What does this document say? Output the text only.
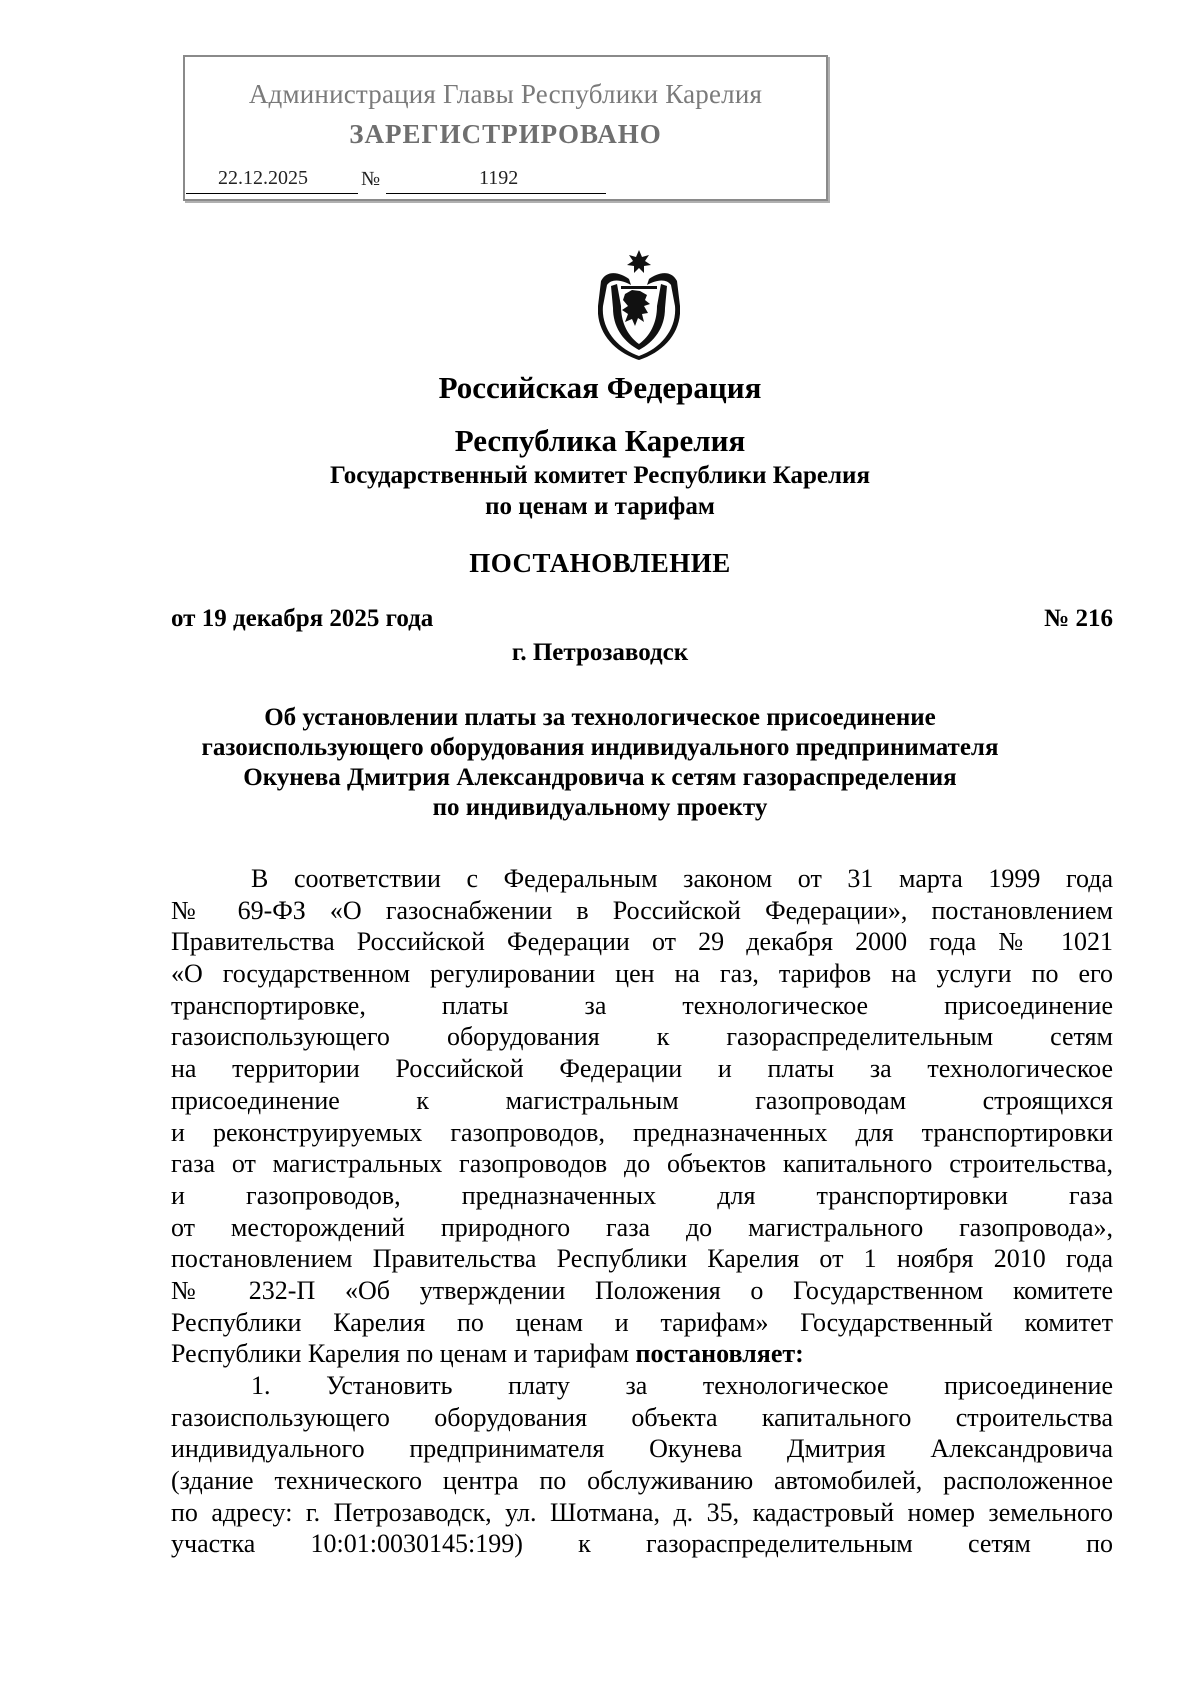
Администрация Главы Республики Карелия
ЗАРЕГИСТРИРОВАНО
22.12.2025	№	1192
Российская Федерация
Республика Карелия
Государственный комитет Республики Карелия
по ценам и тарифам
ПОСТАНОВЛЕНИЕ
от 19 декабря 2025 года	№ 216
г. Петрозаводск
Об установлении платы за технологическое присоединение
газоиспользующего оборудования индивидуального предпринимателя
Окунева Дмитрия Александровича к сетям газораспределения
по индивидуальному проекту
В соответствии с Федеральным законом от 31 марта 1999 года
№ 69-ФЗ «О газоснабжении в Российской Федерации», постановлением
Правительства Российской Федерации от 29 декабря 2000 года № 1021
«О государственном регулировании цен на газ, тарифов на услуги по его
транспортировке, платы за технологическое присоединение
газоиспользующего оборудования к газораспределительным сетям
на территории Российской Федерации и платы за технологическое
присоединение к магистральным газопроводам строящихся
и реконструируемых газопроводов, предназначенных для транспортировки
газа от магистральных газопроводов до объектов капитального строительства,
и газопроводов, предназначенных для транспортировки газа
от месторождений природного газа до магистрального газопровода»,
постановлением Правительства Республики Карелия от 1 ноября 2010 года
№ 232-П «Об утверждении Положения о Государственном комитете
Республики Карелия по ценам и тарифам» Государственный комитет
Республики Карелия по ценам и тарифам постановляет:
1. Установить плату за технологическое присоединение
газоиспользующего оборудования объекта капитального строительства
индивидуального предпринимателя Окунева Дмитрия Александровича
(здание технического центра по обслуживанию автомобилей, расположенное
по адресу: г. Петрозаводск, ул. Шотмана, д. 35, кадастровый номер земельного
участка 10:01:0030145:199) к газораспределительным сетям по
